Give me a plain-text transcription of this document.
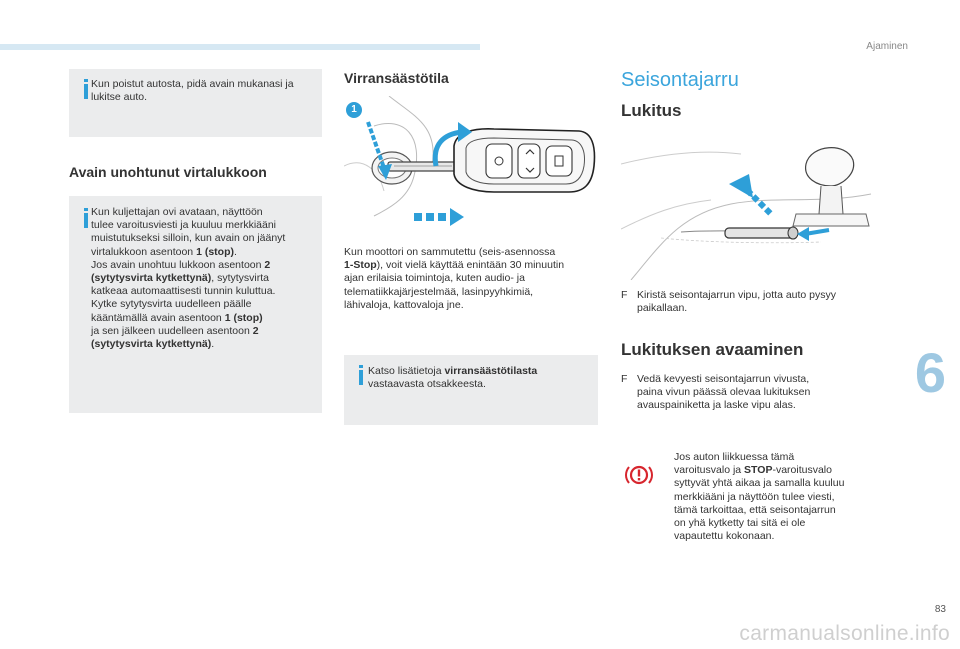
Ajaminen
6
83
carmanualsonline.info

Kun poistut autosta, pidä avain mukanasi ja lukitse auto.

Avain unohtunut virtalukkoon

Kun kuljettajan ovi avataan, näyttöön

tulee varoitusviesti ja kuuluu merkkiääni

muistutukseksi silloin, kun avain on jäänyt

virtalukkoon asentoon 1 (stop).

Jos avain unohtuu lukkoon asentoon 2

(sytytysvirta kytkettynä), sytytysvirta

katkeaa automaattisesti tunnin kuluttua.

Kytke sytytysvirta uudelleen päälle

kääntämällä avain asentoon 1 (stop)

ja sen jälkeen uudelleen asentoon 2

(sytytysvirta kytkettynä).

Virransäästötila
1

Kun moottori on sammutettu (seis-asennossa

1-Stop), voit vielä käyttää enintään 30 minuutin

ajan erilaisia toimintoja, kuten audio- ja

telematiikkajärjestelmää, lasinpyyhkimiä,

lähivaloja, kattovaloja jne.

Katso lisätietoja virransäästötilasta

vastaavasta otsakkeesta.

Seisontajarru
Lukitus
F Kiristä seisontajarrun vipu, jotta auto pysyy

paikallaan.

Lukituksen avaaminen
F Vedä kevyesti seisontajarrun vivusta,

paina vivun päässä olevaa lukituksen

avauspainiketta ja laske vipu alas.

Jos auton liikkuessa tämä

varoitusvalo ja STOP-varoitusvalo

syttyvät yhtä aikaa ja samalla kuuluu

merkkiääni ja näyttöön tulee viesti,

tämä tarkoittaa, että seisontajarrun

on yhä kytketty tai sitä ei ole

vapautettu kokonaan.
